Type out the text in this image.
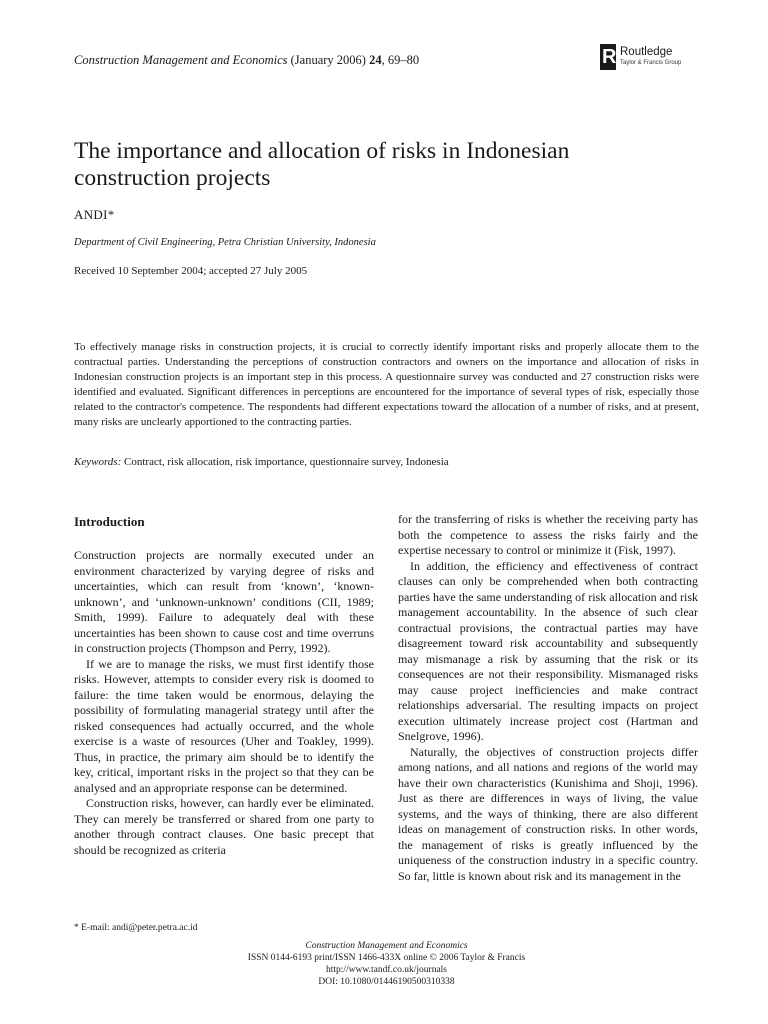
Construction Management and Economics (January 2006) 24, 69–80	R Routledge
Taylor & Francis Group
The importance and allocation of risks in Indonesian construction projects
ANDI*
Department of Civil Engineering, Petra Christian University, Indonesia
Received 10 September 2004; accepted 27 July 2005

To effectively manage risks in construction projects, it is crucial to correctly identify important risks and properly allocate them to the contractual parties. Understanding the perceptions of construction contractors and owners on the importance and allocation of risks in Indonesian construction projects is an important step in this process. A questionnaire survey was conducted and 27 construction risks were identified and evaluated. Significant differences in perceptions are encountered for the importance of several types of risk, especially those related to the contractor's competence. The respondents had different expectations toward the allocation of a number of risks, and at present, many risks are unclearly apportioned to the contracting parties.

Keywords: Contract, risk allocation, risk importance, questionnaire survey, Indonesia
Introduction

Construction projects are normally executed under an environment characterized by varying degree of risks and uncertainties, which can result from ‘known’, ‘known- unknown’, and ‘unknown-unknown’ conditions (CII, 1989; Smith, 1999). Failure to adequately deal with these uncertainties has been shown to cause cost and time overruns in construction projects (Thompson and Perry, 1992).

If we are to manage the risks, we must first identify those risks. However, attempts to consider every risk is doomed to failure: the time taken would be enormous, delaying the possibility of formulating managerial strategy until after the risked consequences had actually occurred, and the whole exercise is a waste of resources (Uher and Toakley, 1999). Thus, in practice, the primary aim should be to identify the key, critical, important risks in the project so that they can be analysed and an appropriate response can be determined.

Construction risks, however, can hardly ever be eliminated. They can merely be transferred or shared from one party to another through contract clauses. One basic precept that should be recognized as criteria

for the transferring of risks is whether the receiving party has both the competence to assess the risks fairly and the expertise necessary to control or minimize it (Fisk, 1997).

In addition, the efficiency and effectiveness of contract clauses can only be comprehended when both contracting parties have the same understanding of risk allocation and risk management accountability. In the absence of such clear contractual provisions, the contractual parties may have disagreement toward risk accountability and subsequently may mismanage a risk by assuming that the risk or its consequences are not their responsibility. Mismanaged risks may cause project inefficiencies and make contract relationships adversarial. The resulting impacts on project execution ultimately increase project cost (Hartman and Snelgrove, 1996).

Naturally, the objectives of construction projects differ among nations, and all nations and regions of the world may have their own characteristics (Kunishima and Shoji, 1996). Just as there are differences in ways of living, the value systems, and the ways of thinking, there are also different ideas on management of construction risks. In other words, the management of risks is greatly influenced by the uniqueness of the construction industry in a specific country. So far, little is known about risk and its management in the

* E-mail: andi@peter.petra.ac.id
Construction Management and Economics
ISSN 0144-6193 print/ISSN 1466-433X online © 2006 Taylor & Francis
http://www.tandf.co.uk/journals
DOI: 10.1080/01446190500310338
